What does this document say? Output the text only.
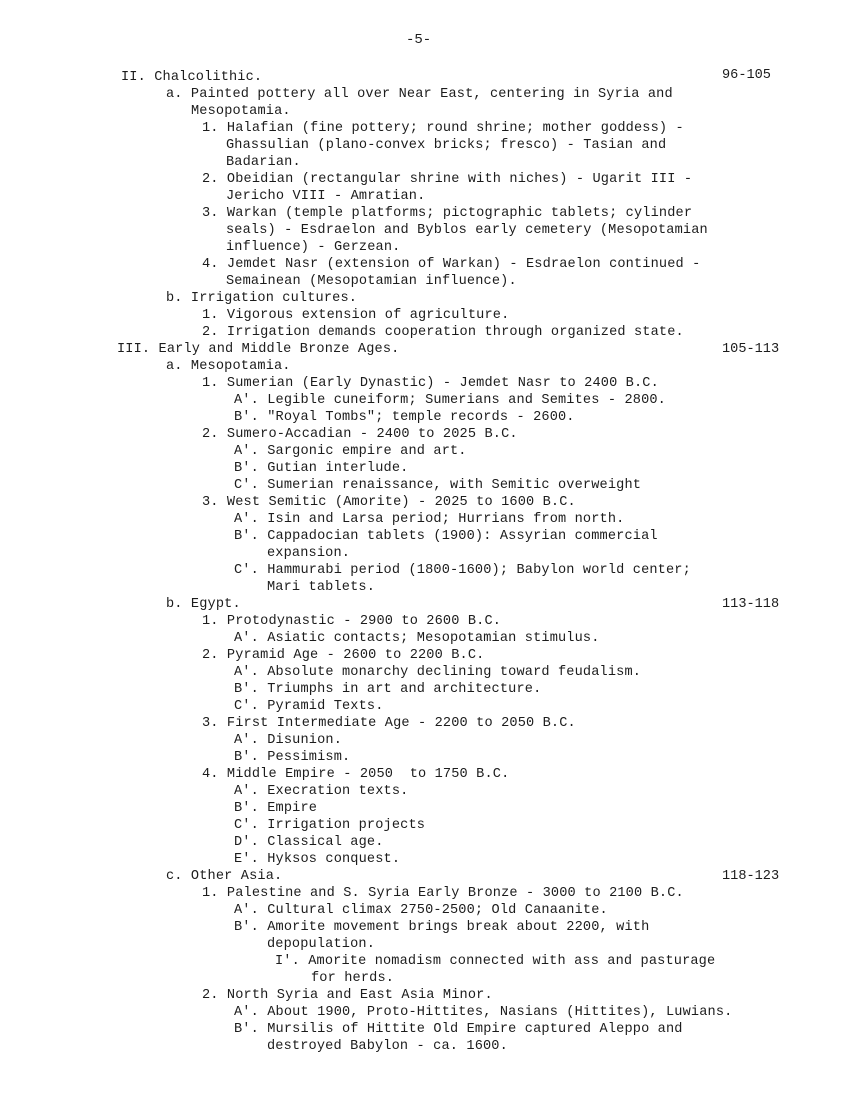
-5-
II. Chalcolithic.	96-105
a. Painted pottery all over Near East, centering in Syria and
Mesopotamia.
1. Halafian (fine pottery; round shrine; mother goddess) -
Ghassulian (plano-convex bricks; fresco) - Tasian and
Badarian.
2. Obeidian (rectangular shrine with niches) - Ugarit III -
Jericho VIII - Amratian.
3. Warkan (temple platforms; pictographic tablets; cylinder
seals) - Esdraelon and Byblos early cemetery (Mesopotamian
influence) - Gerzean.
4. Jemdet Nasr (extension of Warkan) - Esdraelon continued -
Semainean (Mesopotamian influence).
b. Irrigation cultures.
1. Vigorous extension of agriculture.
2. Irrigation demands cooperation through organized state.
III. Early and Middle Bronze Ages.	105-113
a. Mesopotamia.
1. Sumerian (Early Dynastic) - Jemdet Nasr to 2400 B.C.
A'. Legible cuneiform; Sumerians and Semites - 2800.
B'. "Royal Tombs"; temple records - 2600.
2. Sumero-Accadian - 2400 to 2025 B.C.
A'. Sargonic empire and art.
B'. Gutian interlude.
C'. Sumerian renaissance, with Semitic overweight
3. West Semitic (Amorite) - 2025 to 1600 B.C.
A'. Isin and Larsa period; Hurrians from north.
B'. Cappadocian tablets (1900): Assyrian commercial
expansion.
C'. Hammurabi period (1800-1600); Babylon world center;
Mari tablets.
b. Egypt.	113-118
1. Protodynastic - 2900 to 2600 B.C.
A'. Asiatic contacts; Mesopotamian stimulus.
2. Pyramid Age - 2600 to 2200 B.C.
A'. Absolute monarchy declining toward feudalism.
B'. Triumphs in art and architecture.
C'. Pyramid Texts.
3. First Intermediate Age - 2200 to 2050 B.C.
A'. Disunion.
B'. Pessimism.
4. Middle Empire - 2050  to 1750 B.C.
A'. Execration texts.
B'. Empire
C'. Irrigation projects
D'. Classical age.
E'. Hyksos conquest.
c. Other Asia.	118-123
1. Palestine and S. Syria Early Bronze - 3000 to 2100 B.C.
A'. Cultural climax 2750-2500; Old Canaanite.
B'. Amorite movement brings break about 2200, with
depopulation.
I'. Amorite nomadism connected with ass and pasturage
for herds.
2. North Syria and East Asia Minor.
A'. About 1900, Proto-Hittites, Nasians (Hittites), Luwians.
B'. Mursilis of Hittite Old Empire captured Aleppo and
destroyed Babylon - ca. 1600.
